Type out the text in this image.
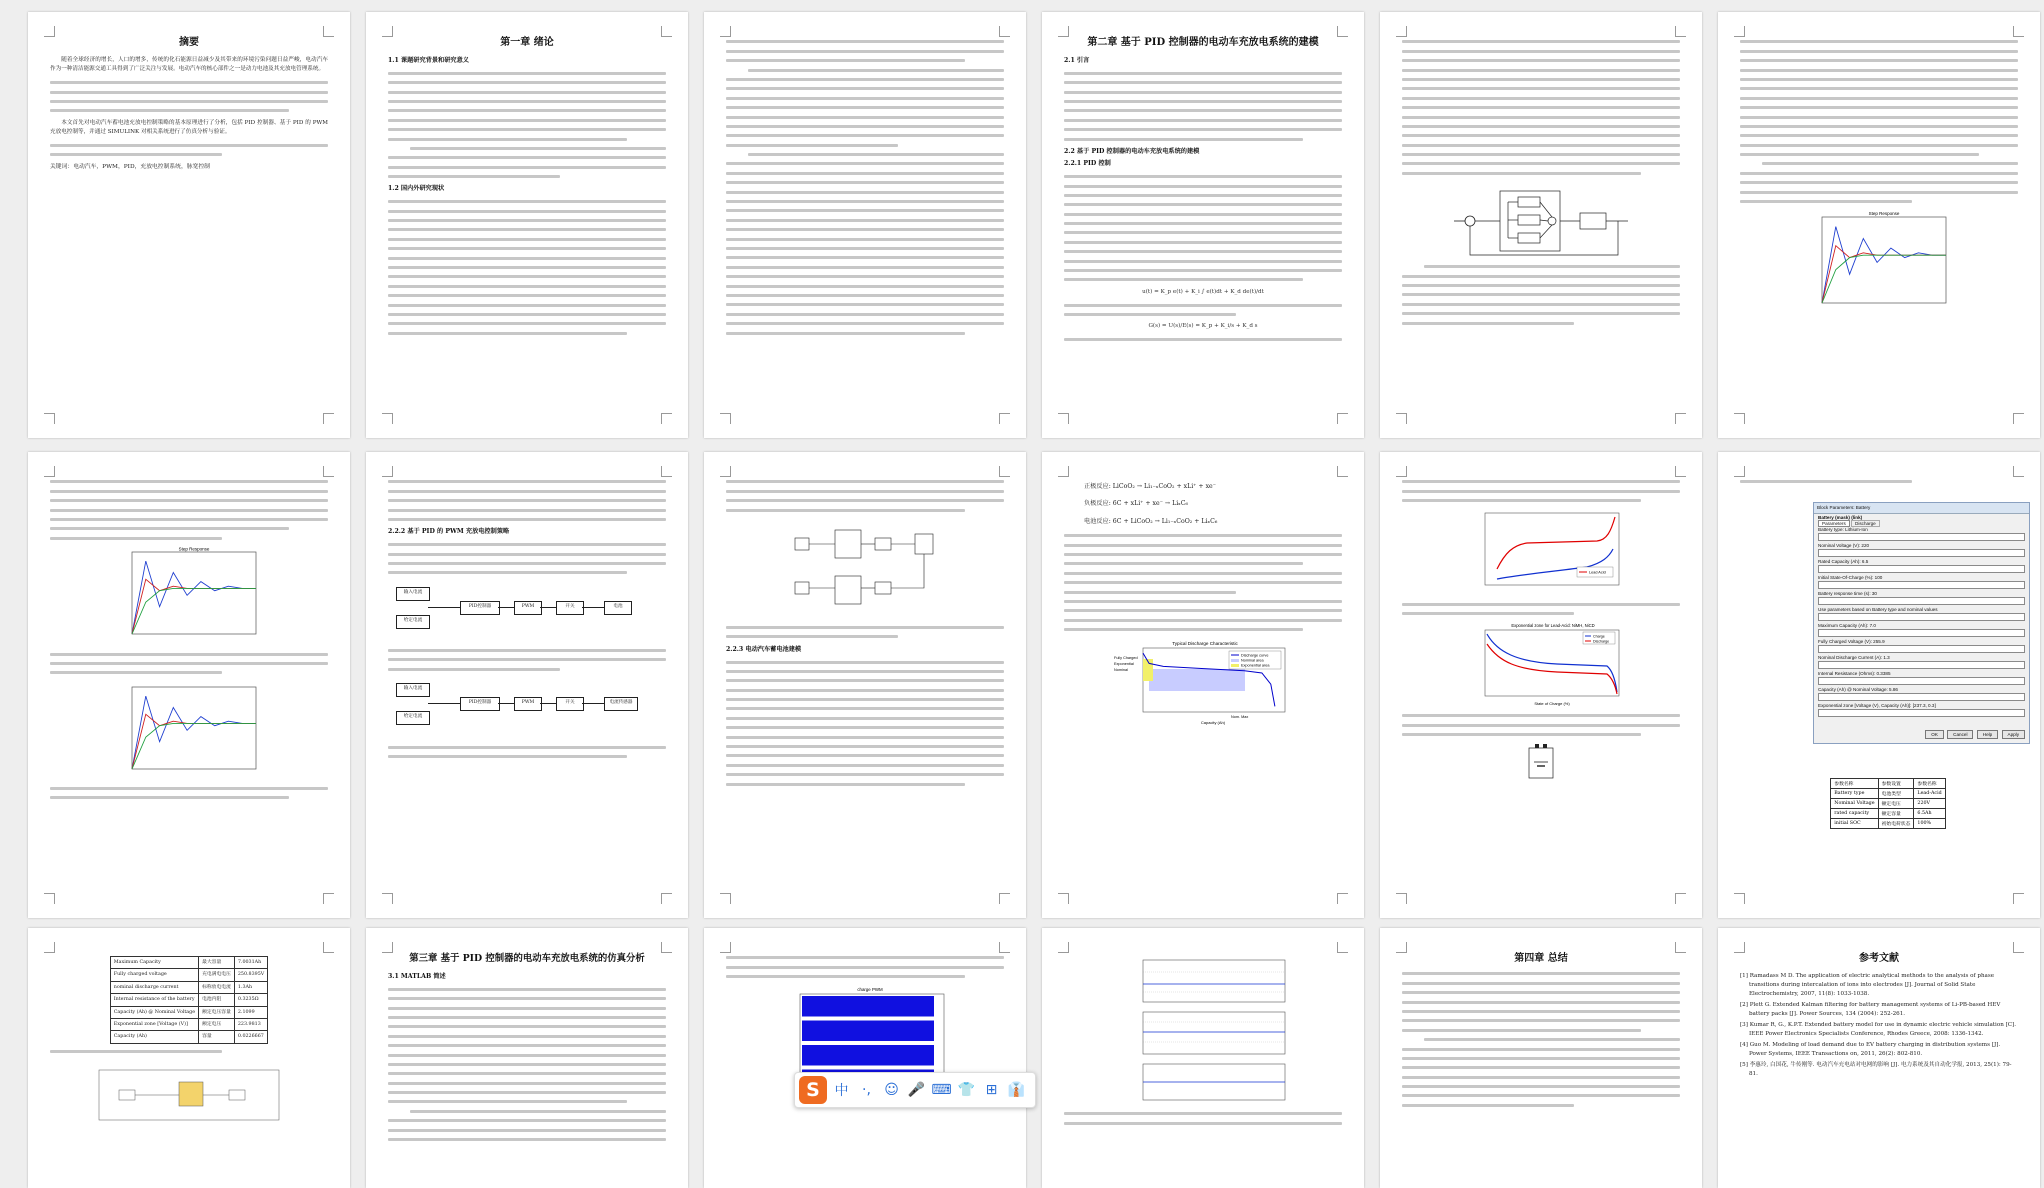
摘要

随着全球经济的增长，人口的增多，传统的化石能源日益减少及其带来的环境污染问题日益严峻，电动汽车作为一种清洁能源交通工具得到了广泛关注与发展。电动汽车的核心部件之一是动力电池及其充放电管理系统。

本文首先对电动汽车蓄电池充放电控制策略的基本原理进行了分析，包括 PID 控制器、基于 PID 的 PWM 充放电控制等，并通过 SIMULINK 对相关系统进行了仿真分析与验证。

关键词：电动汽车，PWM，PID，充放电控制系统，脉宽控制
第一章 绪论
1.1 课题研究背景和研究意义
1.2 国内外研究现状
第二章 基于 PID 控制器的电动车充放电系统的建模
2.1 引言
2.2 基于 PID 控制器的电动车充放电系统的建模
2.2.1 PID 控制
u(t) = K_p e(t) + K_i ∫ e(t)dt + K_d de(t)/dt
G(s) = U(s)/E(s) = K_p + K_i/s + K_d s
Step Response
Step Response
2.2.2 基于 PID 的 PWM 充放电控制策略
输入电流
给定电流
PID控制器	PWM	开关	电池
输入电流
给定电流
PID控制器	PWM	开关	电流传感器
2.2.3 电动汽车蓄电池建模
正极反应: LiCoO₂ → Li₁₋ₓCoO₂ + xLi⁺ + xe⁻
负极反应: 6C + xLi⁺ + xe⁻ → LiₓC₆
电池反应: 6C + LiCoO₂ → Li₁₋ₓCoO₂ + LiₓC₆
Typical Discharge Characteristic
Discharge curve
Nominal area
Exponential area
Fully Charged
Exponential
Nominal
Nom. Max
Capacity (Ah)
Lead Acid
Exponential zone for Lead-Acid: NiMH, NiCD
Charge
Discharge
State of Charge (%)
Block Parameters: Battery
Battery (mask) (link)
Parameters Discharge
Battery type: Lithium-Ion
Nominal Voltage (V): 220
Rated Capacity (Ah): 6.5
Initial State-Of-Charge (%): 100
Battery response time (s): 30
Use parameters based on Battery type and nominal values
Maximum Capacity (Ah): 7.0
Fully Charged Voltage (V): 255.9
Nominal Discharge Current (A): 1.3
Internal Resistance (Ohms): 0.3385
Capacity (Ah) @ Nominal Voltage: 5.86
Exponential zone [Voltage (V), Capacity (Ah)]: [237.3, 0.3]
OK	Cancel	Help	Apply
参数名称	参数设置	参数名称
Battery type	电池类型	Lead-Acid
Nominal Voltage	额定电压	220V
rated capacity	额定容量	6.5Ah
initial SOC	初始电荷状态	100%
Maximum Capacity	最大容量	7.0031Ah
Fully charged voltage	充电满电电压	250.8395V
nominal discharge current	标称放电电流	1.3Ah
Internal resistance of the battery	电池内阻	0.3235Ω
Capacity (Ah) @ Nominal Voltage	额定电压容量	2.1099
Exponential zone [Voltage (V)]	额定电压	223.9813
Capacity (Ah)	容量	0.0226667
第三章 基于 PID 控制器的电动车充放电系统的仿真分析
3.1 MATLAB 简述
charge PWM
第四章 总结	参考文献
[1] Ramadass M D. The application of electric analytical methods to the analysis of phase transitions during intercalation of ions into electrodes [J]. Journal of Solid State Electrochemistry, 2007, 11(8): 1033-1038.
[2] Plett G. Extended Kalman filtering for battery management systems of Li-PB-based HEV battery packs [J]. Power Sources, 134 (2004): 252-261.
[3] Kumar R, G., K.P.T. Extended battery model for use in dynamic electric vehicle simulation [C]. IEEE Power Electronics Specialists Conference, Rhodes Greece, 2008: 1336-1342.
[4] Guo M. Modeling of load demand due to EV battery charging in distribution systems [J]. Power Systems, IEEE Transactions on, 2011, 26(2): 802-810.
[5] 李惠玲, 白国花, 牛传刚等. 电动汽车充电站对电网的影响 [J]. 电力系统及其自动化学报, 2013, 25(1): 79-81.
S	中 ·, ☺ 🎤 ⌨ 👕 ⊞ 👔
